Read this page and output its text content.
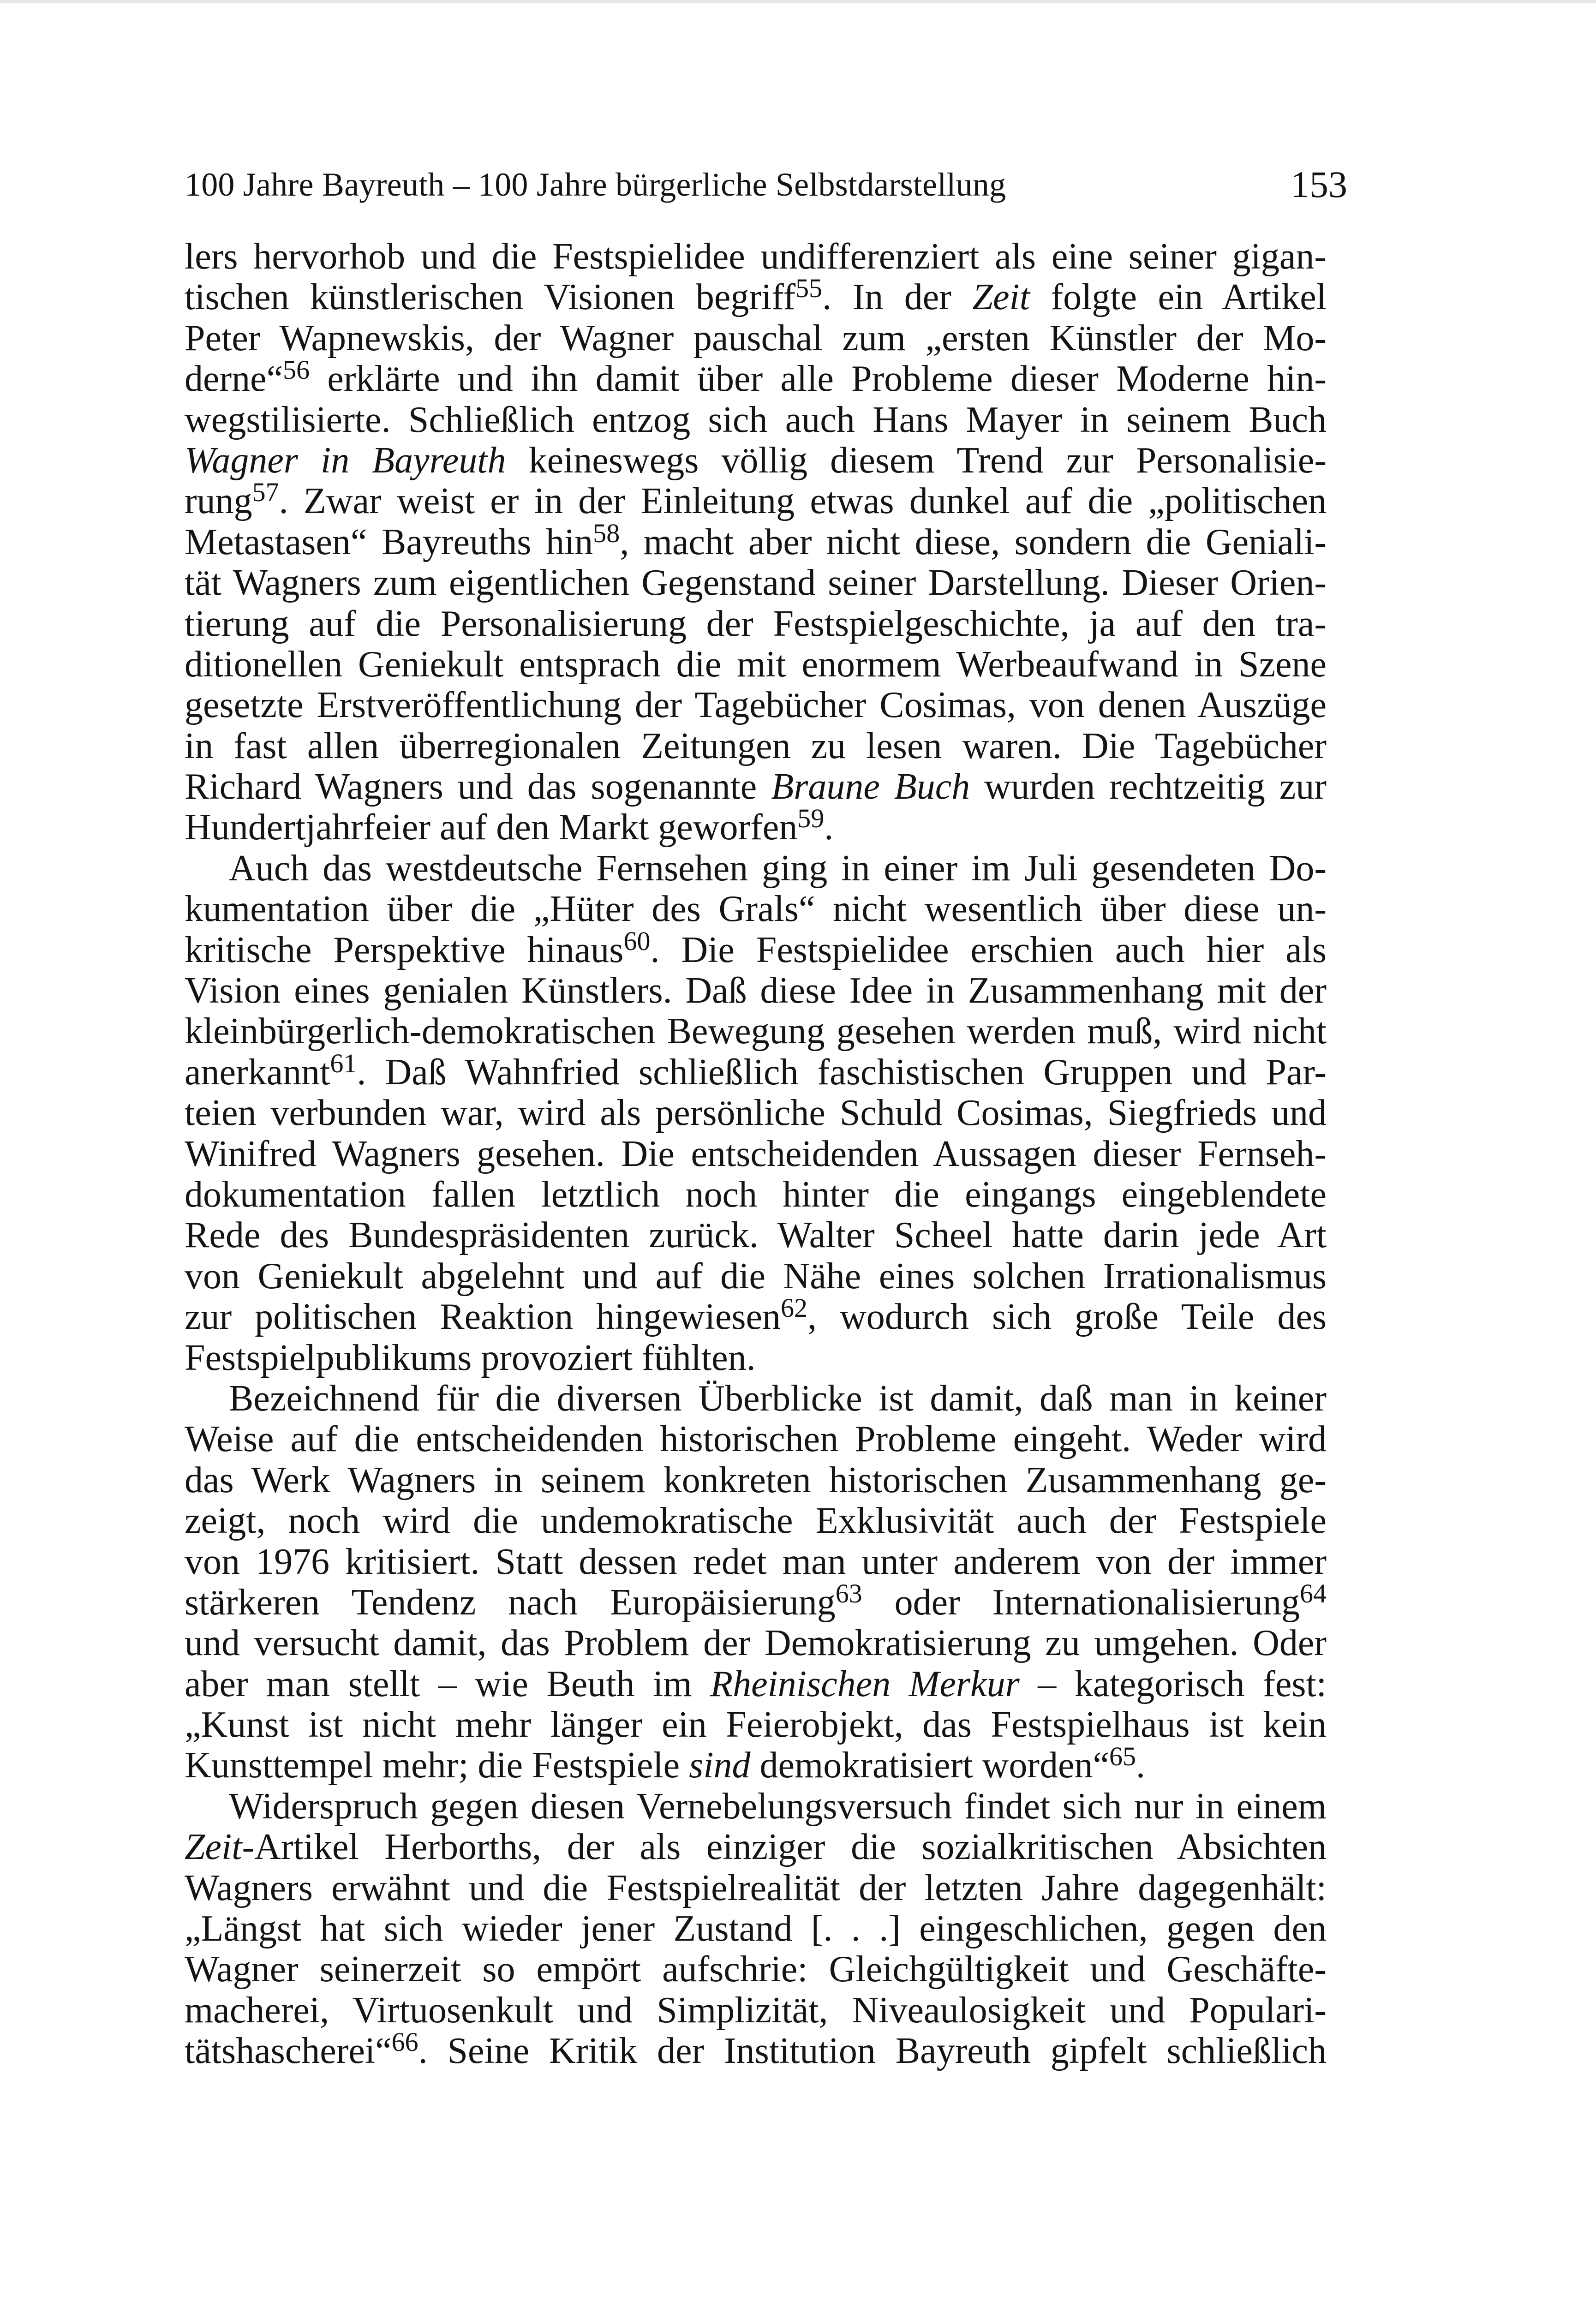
100 Jahre Bayreuth – 100 Jahre bürgerliche Selbstdarstellung	153
lers hervorhob und die Festspielidee undifferenziert als eine seiner gigan-
tischen künstlerischen Visionen begriff$^{55}$. In der Zeit folgte ein Artikel
Peter Wapnewskis, der Wagner pauschal zum „ersten Künstler der Mo-
derne“$^{56}$ erklärte und ihn damit über alle Probleme dieser Moderne hin-
wegstilisierte. Schließlich entzog sich auch Hans Mayer in seinem Buch
Wagner in Bayreuth keineswegs völlig diesem Trend zur Personalisie-
rung$^{57}$. Zwar weist er in der Einleitung etwas dunkel auf die „politischen
Metastasen“ Bayreuths hin$^{58}$, macht aber nicht diese, sondern die Geniali-
tät Wagners zum eigentlichen Gegenstand seiner Darstellung. Dieser Orien-
tierung auf die Personalisierung der Festspielgeschichte, ja auf den tra-
ditionellen Geniekult entsprach die mit enormem Werbeaufwand in Szene
gesetzte Erstveröffentlichung der Tagebücher Cosimas, von denen Auszüge
in fast allen überregionalen Zeitungen zu lesen waren. Die Tagebücher
Richard Wagners und das sogenannte Braune Buch wurden rechtzeitig zur
Hundertjahrfeier auf den Markt geworfen$^{59}$.
Auch das westdeutsche Fernsehen ging in einer im Juli gesendeten Do-
kumentation über die „Hüter des Grals“ nicht wesentlich über diese un-
kritische Perspektive hinaus$^{60}$. Die Festspielidee erschien auch hier als
Vision eines genialen Künstlers. Daß diese Idee in Zusammenhang mit der
kleinbürgerlich-demokratischen Bewegung gesehen werden muß, wird nicht
anerkannt$^{61}$. Daß Wahnfried schließlich faschistischen Gruppen und Par-
teien verbunden war, wird als persönliche Schuld Cosimas, Siegfrieds und
Winifred Wagners gesehen. Die entscheidenden Aussagen dieser Fernseh-
dokumentation fallen letztlich noch hinter die eingangs eingeblendete
Rede des Bundespräsidenten zurück. Walter Scheel hatte darin jede Art
von Geniekult abgelehnt und auf die Nähe eines solchen Irrationalismus
zur politischen Reaktion hingewiesen$^{62}$, wodurch sich große Teile des
Festspielpublikums provoziert fühlten.
Bezeichnend für die diversen Überblicke ist damit, daß man in keiner
Weise auf die entscheidenden historischen Probleme eingeht. Weder wird
das Werk Wagners in seinem konkreten historischen Zusammenhang ge-
zeigt, noch wird die undemokratische Exklusivität auch der Festspiele
von 1976 kritisiert. Statt dessen redet man unter anderem von der immer
stärkeren Tendenz nach Europäisierung$^{63}$ oder Internationalisierung$^{64}$
und versucht damit, das Problem der Demokratisierung zu umgehen. Oder
aber man stellt – wie Beuth im Rheinischen Merkur – kategorisch fest:
„Kunst ist nicht mehr länger ein Feierobjekt, das Festspielhaus ist kein
Kunsttempel mehr; die Festspiele sind demokratisiert worden“$^{65}$.
Widerspruch gegen diesen Vernebelungsversuch findet sich nur in einem
Zeit-Artikel Herborths, der als einziger die sozialkritischen Absichten
Wagners erwähnt und die Festspielrealität der letzten Jahre dagegenhält:
„Längst hat sich wieder jener Zustand [. . .] eingeschlichen, gegen den
Wagner seinerzeit so empört aufschrie: Gleichgültigkeit und Geschäfte-
macherei, Virtuosenkult und Simplizität, Niveaulosigkeit und Populari-
tätshascherei“$^{66}$. Seine Kritik der Institution Bayreuth gipfelt schließlich
